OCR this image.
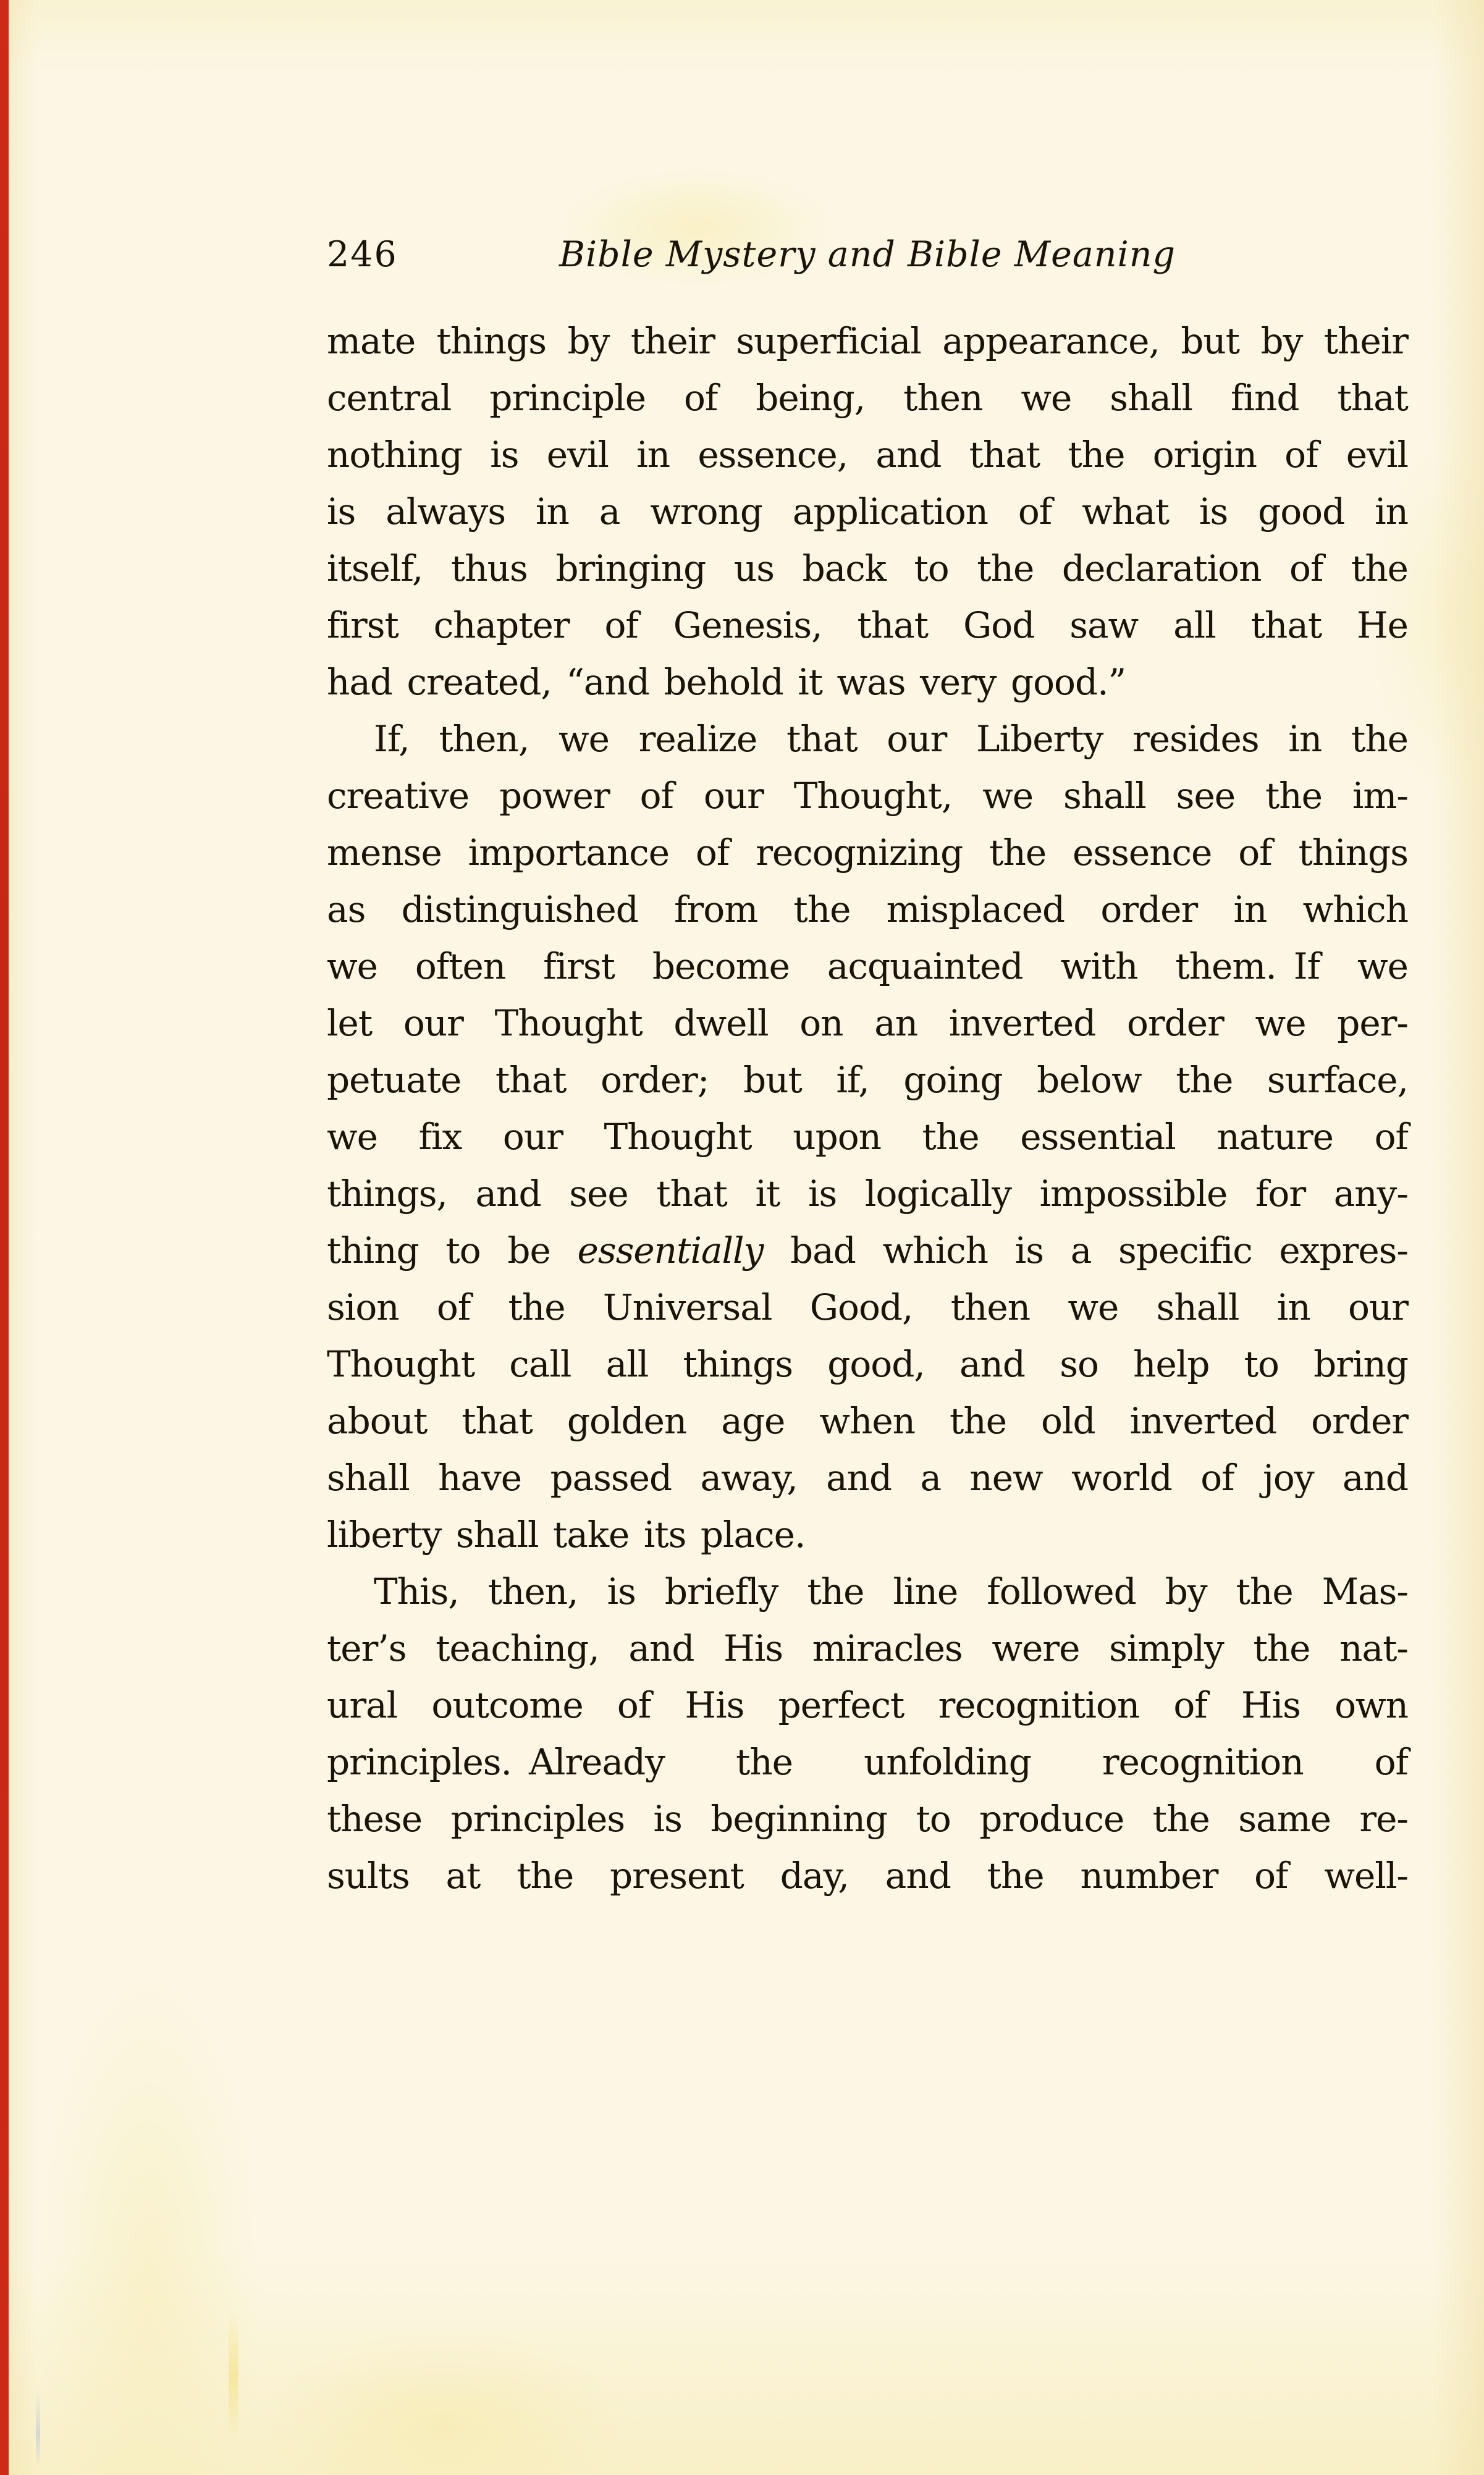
246	Bible Mystery and Bible Meaning
mate things by their superficial appearance, but by their
central principle of being, then we shall find that
nothing is evil in essence, and that the origin of evil
is always in a wrong application of what is good in
itself, thus bringing us back to the declaration of the
first chapter of Genesis, that God saw all that He
had created, “and behold it was very good.”
If, then, we realize that our Liberty resides in the
creative power of our Thought, we shall see the im-
mense importance of recognizing the essence of things
as distinguished from the misplaced order in which
we often first become acquainted with them. If we
let our Thought dwell on an inverted order we per-
petuate that order; but if, going below the surface,
we fix our Thought upon the essential nature of
things, and see that it is logically impossible for any-
thing to be essentially bad which is a specific expres-
sion of the Universal Good, then we shall in our
Thought call all things good, and so help to bring
about that golden age when the old inverted order
shall have passed away, and a new world of joy and
liberty shall take its place.
This, then, is briefly the line followed by the Mas-
ter’s teaching, and His miracles were simply the nat-
ural outcome of His perfect recognition of His own
principles. Already the unfolding recognition of
these principles is beginning to produce the same re-
sults at the present day, and the number of well-
